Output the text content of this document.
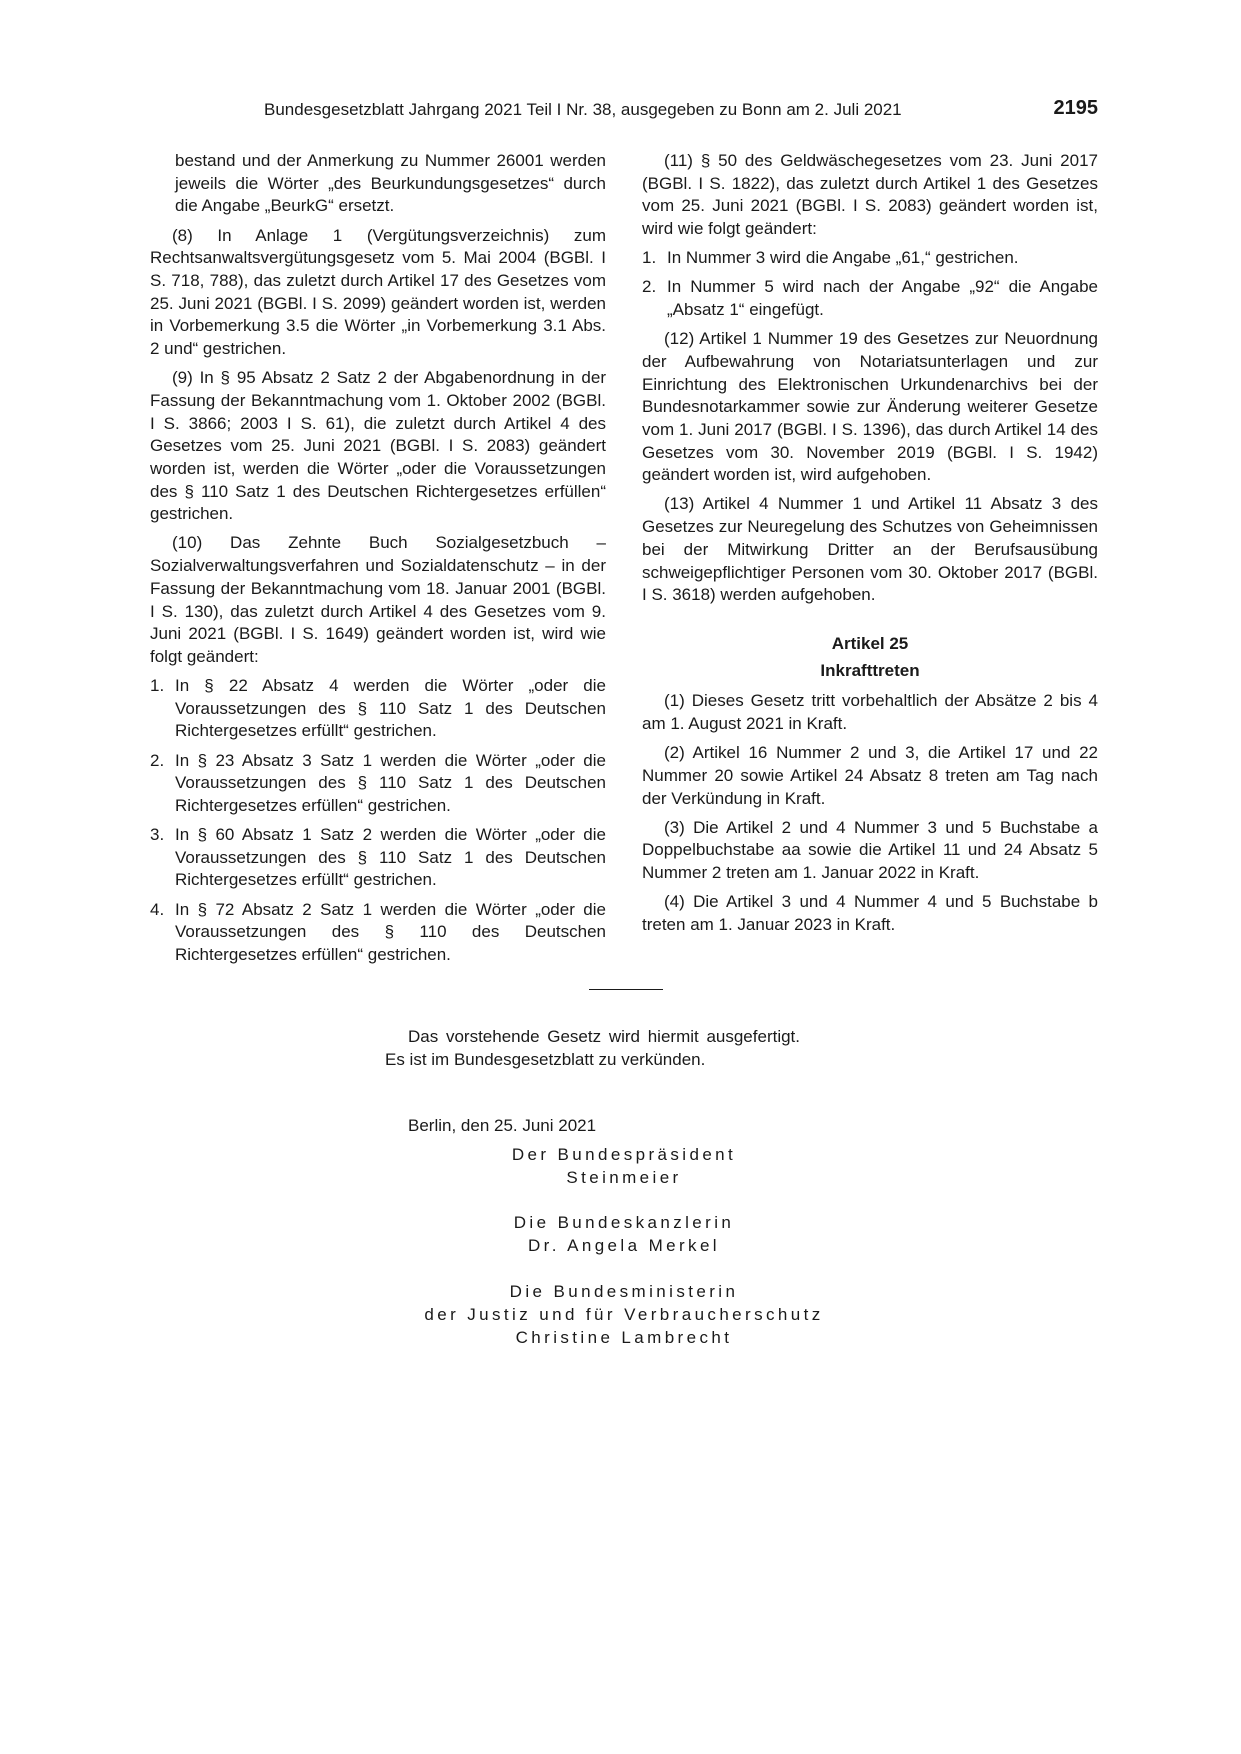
Bundesgesetzblatt Jahrgang 2021 Teil I Nr. 38, ausgegeben zu Bonn am 2. Juli 2021	2195

bestand und der Anmerkung zu Nummer 26001 werden jeweils die Wörter „des Beurkundungsgesetzes“ durch die Angabe „BeurkG“ ersetzt.

(8) In Anlage 1 (Vergütungsverzeichnis) zum Rechtsanwaltsvergütungsgesetz vom 5. Mai 2004 (BGBl. I S. 718, 788), das zuletzt durch Artikel 17 des Gesetzes vom 25. Juni 2021 (BGBl. I S. 2099) geändert worden ist, werden in Vorbemerkung 3.5 die Wörter „in Vorbemerkung 3.1 Abs. 2 und“ gestrichen.

(9) In § 95 Absatz 2 Satz 2 der Abgabenordnung in der Fassung der Bekanntmachung vom 1. Oktober 2002 (BGBl. I S. 3866; 2003 I S. 61), die zuletzt durch Artikel 4 des Gesetzes vom 25. Juni 2021 (BGBl. I S. 2083) geändert worden ist, werden die Wörter „oder die Voraussetzungen des § 110 Satz 1 des Deutschen Richtergesetzes erfüllen“ gestrichen.

(10) Das Zehnte Buch Sozialgesetzbuch – Sozialverwaltungsverfahren und Sozialdatenschutz – in der Fassung der Bekanntmachung vom 18. Januar 2001 (BGBl. I S. 130), das zuletzt durch Artikel 4 des Gesetzes vom 9. Juni 2021 (BGBl. I S. 1649) geändert worden ist, wird wie folgt geändert:

1. In § 22 Absatz 4 werden die Wörter „oder die Voraussetzungen des § 110 Satz 1 des Deutschen Richtergesetzes erfüllt“ gestrichen.
2. In § 23 Absatz 3 Satz 1 werden die Wörter „oder die Voraussetzungen des § 110 Satz 1 des Deutschen Richtergesetzes erfüllen“ gestrichen.
3. In § 60 Absatz 1 Satz 2 werden die Wörter „oder die Voraussetzungen des § 110 Satz 1 des Deutschen Richtergesetzes erfüllt“ gestrichen.
4. In § 72 Absatz 2 Satz 1 werden die Wörter „oder die Voraussetzungen des § 110 des Deutschen Richtergesetzes erfüllen“ gestrichen.

(11) § 50 des Geldwäschegesetzes vom 23. Juni 2017 (BGBl. I S. 1822), das zuletzt durch Artikel 1 des Gesetzes vom 25. Juni 2021 (BGBl. I S. 2083) geändert worden ist, wird wie folgt geändert:

1. In Nummer 3 wird die Angabe „61,“ gestrichen.
2. In Nummer 5 wird nach der Angabe „92“ die Angabe „Absatz 1“ eingefügt.

(12) Artikel 1 Nummer 19 des Gesetzes zur Neuordnung der Aufbewahrung von Notariatsunterlagen und zur Einrichtung des Elektronischen Urkundenarchivs bei der Bundesnotarkammer sowie zur Änderung weiterer Gesetze vom 1. Juni 2017 (BGBl. I S. 1396), das durch Artikel 14 des Gesetzes vom 30. November 2019 (BGBl. I S. 1942) geändert worden ist, wird aufgehoben.

(13) Artikel 4 Nummer 1 und Artikel 11 Absatz 3 des Gesetzes zur Neuregelung des Schutzes von Geheimnissen bei der Mitwirkung Dritter an der Berufsausübung schweigepflichtiger Personen vom 30. Oktober 2017 (BGBl. I S. 3618) werden aufgehoben.

Artikel 25
Inkrafttreten

(1) Dieses Gesetz tritt vorbehaltlich der Absätze 2 bis 4 am 1. August 2021 in Kraft.

(2) Artikel 16 Nummer 2 und 3, die Artikel 17 und 22 Nummer 20 sowie Artikel 24 Absatz 8 treten am Tag nach der Verkündung in Kraft.

(3) Die Artikel 2 und 4 Nummer 3 und 5 Buchstabe a Doppelbuchstabe aa sowie die Artikel 11 und 24 Absatz 5 Nummer 2 treten am 1. Januar 2022 in Kraft.

(4) Die Artikel 3 und 4 Nummer 4 und 5 Buchstabe b treten am 1. Januar 2023 in Kraft.

Das vorstehende Gesetz wird hiermit ausgefertigt.
Es ist im Bundesgesetzblatt zu verkünden.
Berlin, den 25. Juni 2021
Der Bundespräsident
Steinmeier
Die Bundeskanzlerin
Dr. Angela Merkel
Die Bundesministerin
der Justiz und für Verbraucherschutz
Christine Lambrecht
